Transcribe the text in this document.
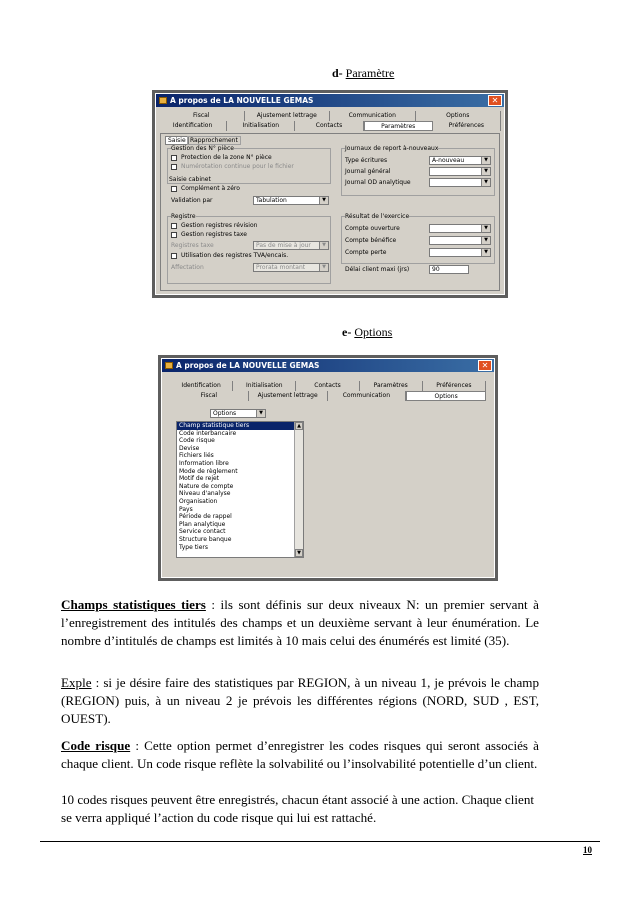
d- Paramètre
A propos de LA NOUVELLE GEMAS	✕
Fiscal	Ajustement lettrage	Communication	Options
Identification	Initialisation	Contacts	Paramètres	Préférences
Saisie Rapprochement
Gestion des N° pièce
Protection de la zone N° pièce
Numérotation continue pour le fichier
Saisie cabinet
Complément à zéro
Validation par	Tabulation	▼
Registre
Gestion registres révision
Gestion registres taxe
Registres taxe	Pas de mise à jour	▼
Utilisation des registres TVA/encais.
Affectation	Prorata montant	▼
Journaux de report à-nouveaux
Type écritures	A-nouveau	▼
Journal général	▼
Journal OD analytique	▼
Résultat de l'exercice
Compte ouverture	▼
Compte bénéfice	▼
Compte perte	▼
Délai client maxi (jrs)	90
e- Options
A propos de LA NOUVELLE GEMAS	✕
Identification	Initialisation	Contacts	Paramètres	Préférences
Fiscal	Ajustement lettrage	Communication	Options
Options	▼
Champ statistique tiers
Code interbancaire
Code risque
Devise
Fichiers liés
Information libre
Mode de règlement
Motif de rejet
Nature de compte
Niveau d'analyse
Organisation
Pays
Période de rappel
Plan analytique
Service contact
Structure banque
Type tiers
▲
▼
Champs statistiques tiers : ils sont définis sur deux niveaux N: un premier servant à l’enregistrement des intitulés des champs et un deuxième servant à leur énumération. Le nombre d’intitulés de champs est limités à 10 mais celui des énumérés est limité (35).
Exple : si je désire faire des statistiques par REGION, à un niveau 1, je prévois le champ (REGION) puis, à un niveau 2 je prévois les différentes régions (NORD, SUD , EST, OUEST).
Code risque : Cette option permet d’enregistrer les codes risques qui seront associés à chaque client. Un code risque reflète la solvabilité ou l’insolvabilité potentielle d’un client.
10 codes risques peuvent être enregistrés, chacun étant associé à une action. Chaque client se verra appliqué l’action du code risque qui lui est rattaché.
10
